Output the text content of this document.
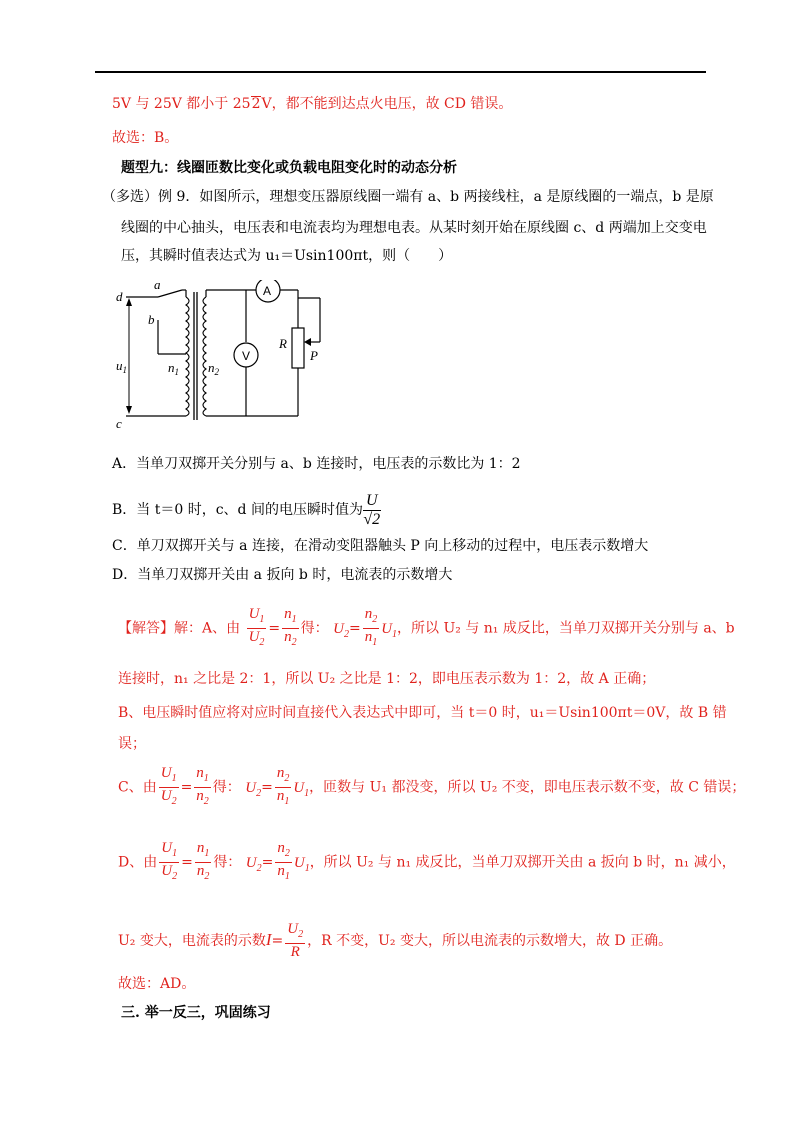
5V 与 25V 都小于 252V，都不能到达点火电压，故 CD 错误。
故选：B。
题型九：线圈匝数比变化或负载电阻变化时的动态分析
（多选）例 9．如图所示，理想变压器原线圈一端有 a、b 两接线柱，a 是原线圈的一端点，b 是原
线圈的中心抽头，电压表和电流表均为理想电表。从某时刻开始在原线圈 c、d 两端加上交变电
压，其瞬时值表达式为 u₁＝Usin100πt，则（　　）
d
a
b
c
$u_1$	$n_1$ $n_2$
A
V
R
P
A．当单刀双掷开关分别与 a、b 连接时，电压表的示数比为 1：2
B．当 t＝0 时，c、d 间的电压瞬时值为 $\frac{U}{√2}$
C．单刀双掷开关与 a 连接，在滑动变阻器触头 P 向上移动的过程中，电压表示数增大
D．当单刀双掷开关由 a 扳向 b 时，电流表的示数增大
【解答】解：A、由 $\frac{U_1}{U_2} = \frac{n_1}{n_2}$ 得： $U_2= \frac{n_2}{n_1} U_1$，所以 U₂ 与 n₁ 成反比，当单刀双掷开关分别与 a、b
连接时，n₁ 之比是 2：1，所以 U₂ 之比是 1：2，即电压表示数为 1：2，故 A 正确；
B、电压瞬时值应将对应时间直接代入表达式中即可，当 t＝0 时，u₁＝Usin100πt＝0V，故 B 错
误；
C、由 $\frac{U_1}{U_2} = \frac{n_1}{n_2}$ 得： $U_2= \frac{n_2}{n_1} U_1$，匝数与 U₁ 都没变，所以 U₂ 不变，即电压表示数不变，故 C 错误；
D、由 $\frac{U_1}{U_2} = \frac{n_1}{n_2}$ 得： $U_2= \frac{n_2}{n_1} U_1$，所以 U₂ 与 n₁ 成反比，当单刀双掷开关由 a 扳向 b 时，n₁ 减小，
U₂ 变大，电流表的示数$I= \frac{U_2}{R}$ ，R 不变，U₂ 变大，所以电流表的示数增大，故 D 正确。
故选：AD。
三. 举一反三，巩固练习
